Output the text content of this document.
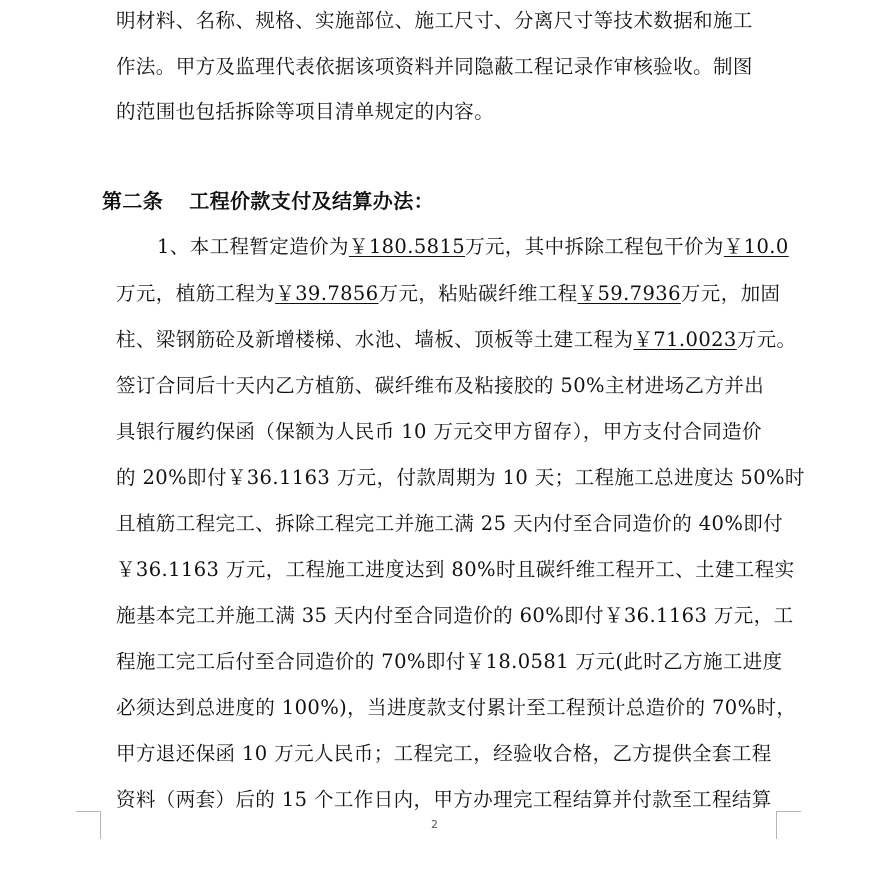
明材料、名称、规格、实施部位、施工尺寸、分离尺寸等技术数据和施工
作法。甲方及监理代表依据该项资料并同隐蔽工程记录作审核验收。制图
的范围也包括拆除等项目清单规定的内容。
第二条 工程价款支付及结算办法：
1、本工程暂定造价为￥180.5815万元，其中拆除工程包干价为￥10.0
万元，植筋工程为￥39.7856万元，粘贴碳纤维工程￥59.7936万元，加固
柱、梁钢筋砼及新增楼梯、水池、墙板、顶板等土建工程为￥71.0023万元。
签订合同后十天内乙方植筋、碳纤维布及粘接胶的 50%主材进场乙方并出
具银行履约保函（保额为人民币 10 万元交甲方留存），甲方支付合同造价
的 20%即付￥36.1163 万元，付款周期为 10 天；工程施工总进度达 50%时
且植筋工程完工、拆除工程完工并施工满 25 天内付至合同造价的 40%即付
￥36.1163 万元，工程施工进度达到 80%时且碳纤维工程开工、土建工程实
施基本完工并施工满 35 天内付至合同造价的 60%即付￥36.1163 万元，工
程施工完工后付至合同造价的 70%即付￥18.0581 万元(此时乙方施工进度
必须达到总进度的 100%)，当进度款支付累计至工程预计总造价的 70%时，
甲方退还保函 10 万元人民币；工程完工，经验收合格，乙方提供全套工程
资料（两套）后的 15 个工作日内，甲方办理完工程结算并付款至工程结算
2
